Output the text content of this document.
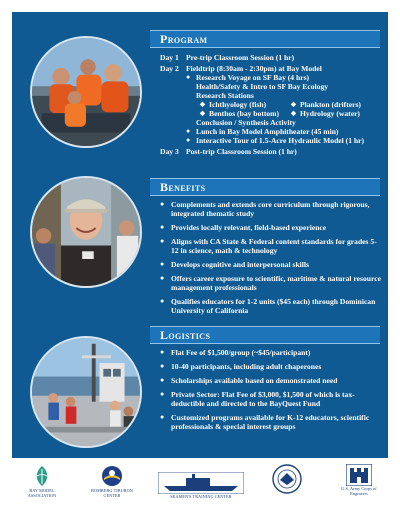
Program
Day 1 Pre-trip Classroom Session (1 hr)
Day 2 Fieldtrip (8:30am - 2:30pm) at Bay Model
● Research Voyage on SF Bay (4 hrs)
Health/Safety & Intro to SF Bay Ecology
Research Stations
◆ Ichthyology (fish)
◆ Benthos (bay bottom)
◆ Plankton (drifters)
◆ Hydrology (water)
Conclusion / Synthesis Activity
● Lunch in Bay Model Amphitheater (45 min)
● Interactive Tour of 1.5-Acre Hydraulic Model (1 hr)
Day 3 Post-trip Classroom Session (1 hr)
Benefits
● Complements and extends core curriculum through rigorous, integrated thematic study
● Provides locally relevant, field-based experience
● Aligns with CA State & Federal content standards for grades 5-12 in science, math & technology
● Develops cognitive and interpersonal skills
● Offers career exposure to scientific, maritime & natural resource management professionals
● Qualifies educators for 1-2 units ($45 each) through Dominican University of California
Logistics
● Flat Fee of $1,500/group (~$45/participant)
● 10-40 participants, including adult chaperones
● Scholarships available based on demonstrated need
● Private Sector: Flat Fee of $3,000, $1,500 of which is tax-deductible and directed to the BayQuest Fund
● Customized programs available for K-12 educators, scientific professionals & special interest groups
BAY MODEL ASSOCIATION
ROMBERG TIBURON CENTER	SEAMEN'S TRAINING CENTER
U.S. Army Corps of Engineers
